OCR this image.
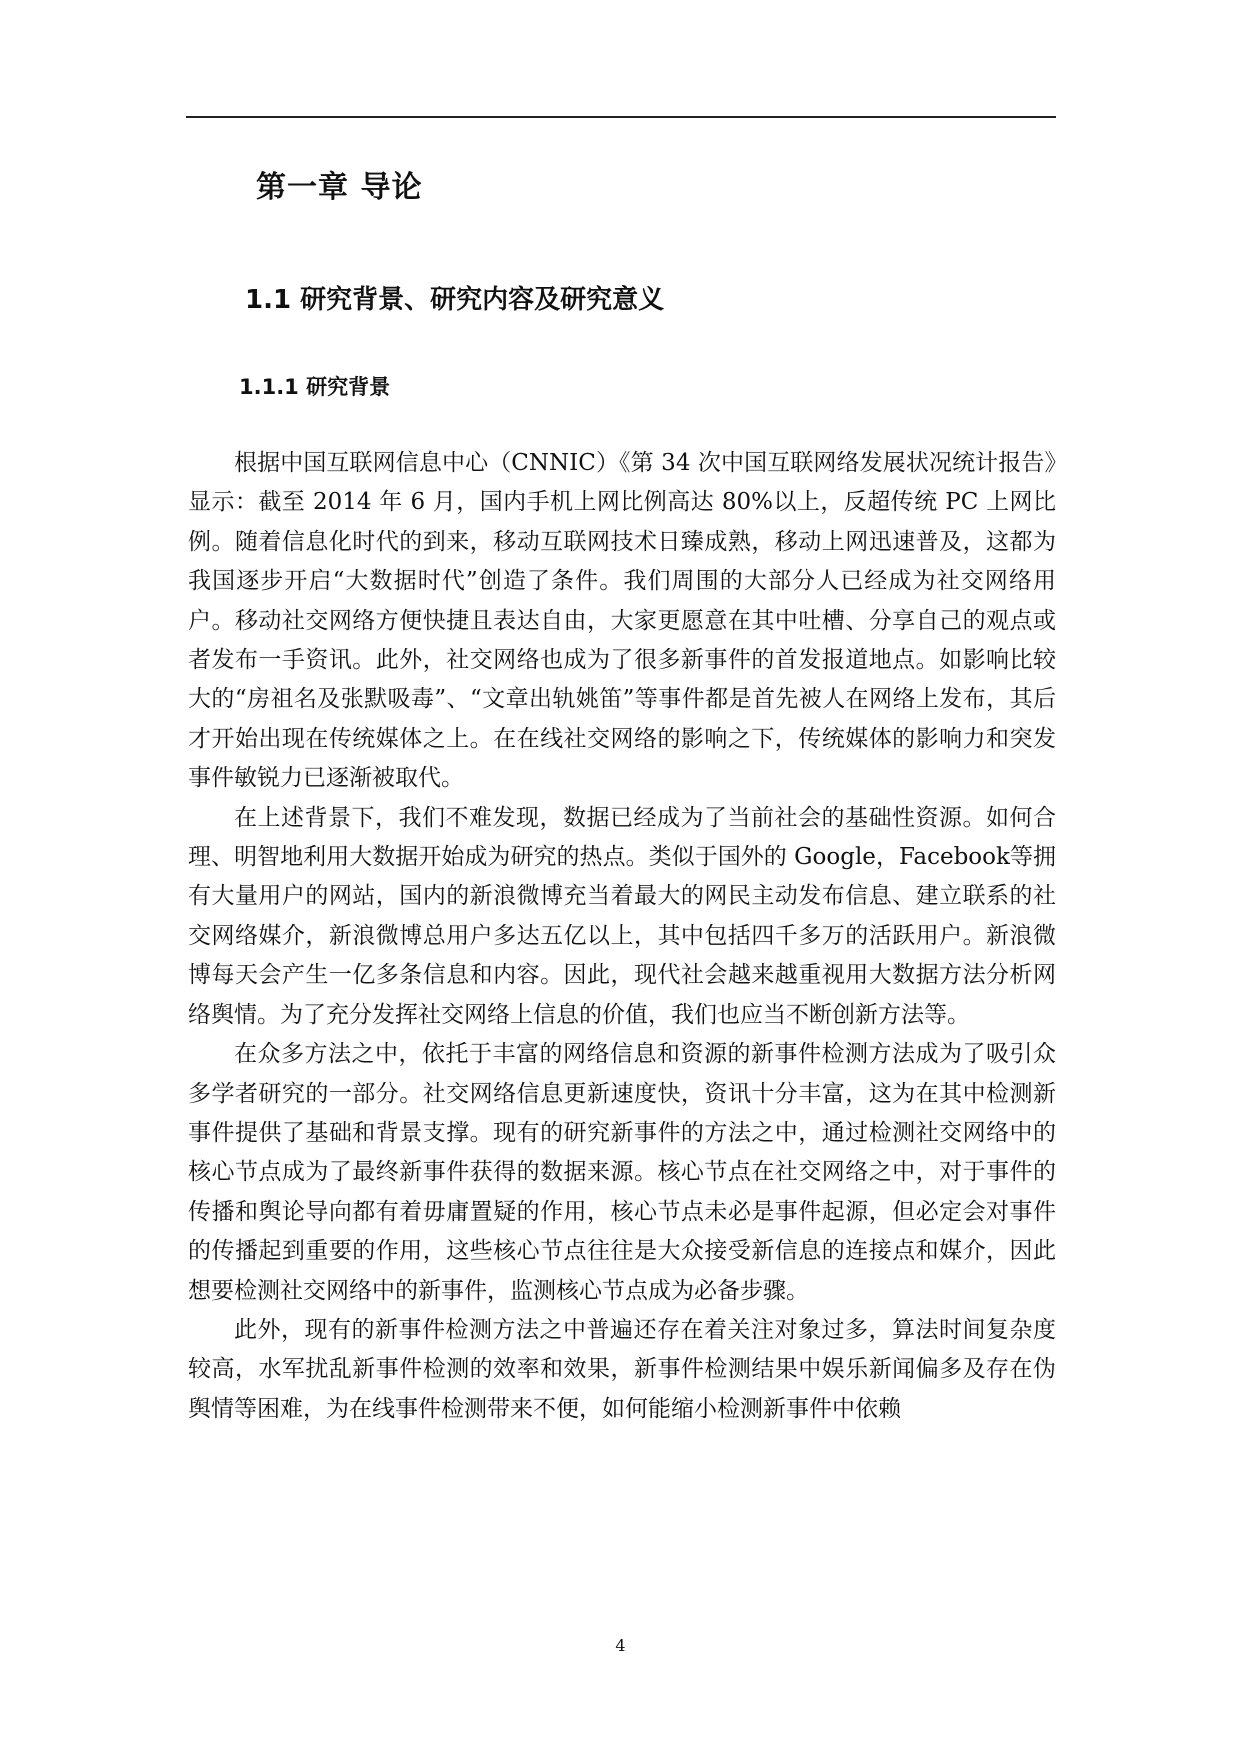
第一章 导论
1.1 研究背景、研究内容及研究意义
1.1.1 研究背景

根据中国互联网信息中心（CNNIC）《第 34 次中国互联网络发展状况统计报告》显示：截至 2014 年 6 月，国内手机上网比例高达 80%以上，反超传统 PC 上网比例。随着信息化时代的到来，移动互联网技术日臻成熟，移动上网迅速普及，这都为我国逐步开启“大数据时代”创造了条件。我们周围的大部分人已经成为社交网络用户。移动社交网络方便快捷且表达自由，大家更愿意在其中吐槽、分享自己的观点或者发布一手资讯。此外，社交网络也成为了很多新事件的首发报道地点。如影响比较大的“房祖名及张默吸毒”、“文章出轨姚笛”等事件都是首先被人在网络上发布，其后才开始出现在传统媒体之上。在在线社交网络的影响之下，传统媒体的影响力和突发事件敏锐力已逐渐被取代。

在上述背景下，我们不难发现，数据已经成为了当前社会的基础性资源。如何合理、明智地利用大数据开始成为研究的热点。类似于国外的 Google，Facebook等拥有大量用户的网站，国内的新浪微博充当着最大的网民主动发布信息、建立联系的社交网络媒介，新浪微博总用户多达五亿以上，其中包括四千多万的活跃用户。新浪微博每天会产生一亿多条信息和内容。因此，现代社会越来越重视用大数据方法分析网络舆情。为了充分发挥社交网络上信息的价值，我们也应当不断创新方法等。

在众多方法之中，依托于丰富的网络信息和资源的新事件检测方法成为了吸引众多学者研究的一部分。社交网络信息更新速度快，资讯十分丰富，这为在其中检测新事件提供了基础和背景支撑。现有的研究新事件的方法之中，通过检测社交网络中的核心节点成为了最终新事件获得的数据来源。核心节点在社交网络之中，对于事件的传播和舆论导向都有着毋庸置疑的作用，核心节点未必是事件起源，但必定会对事件的传播起到重要的作用，这些核心节点往往是大众接受新信息的连接点和媒介，因此想要检测社交网络中的新事件，监测核心节点成为必备步骤。

此外，现有的新事件检测方法之中普遍还存在着关注对象过多，算法时间复杂度较高，水军扰乱新事件检测的效率和效果，新事件检测结果中娱乐新闻偏多及存在伪舆情等困难，为在线事件检测带来不便，如何能缩小检测新事件中依赖

4
